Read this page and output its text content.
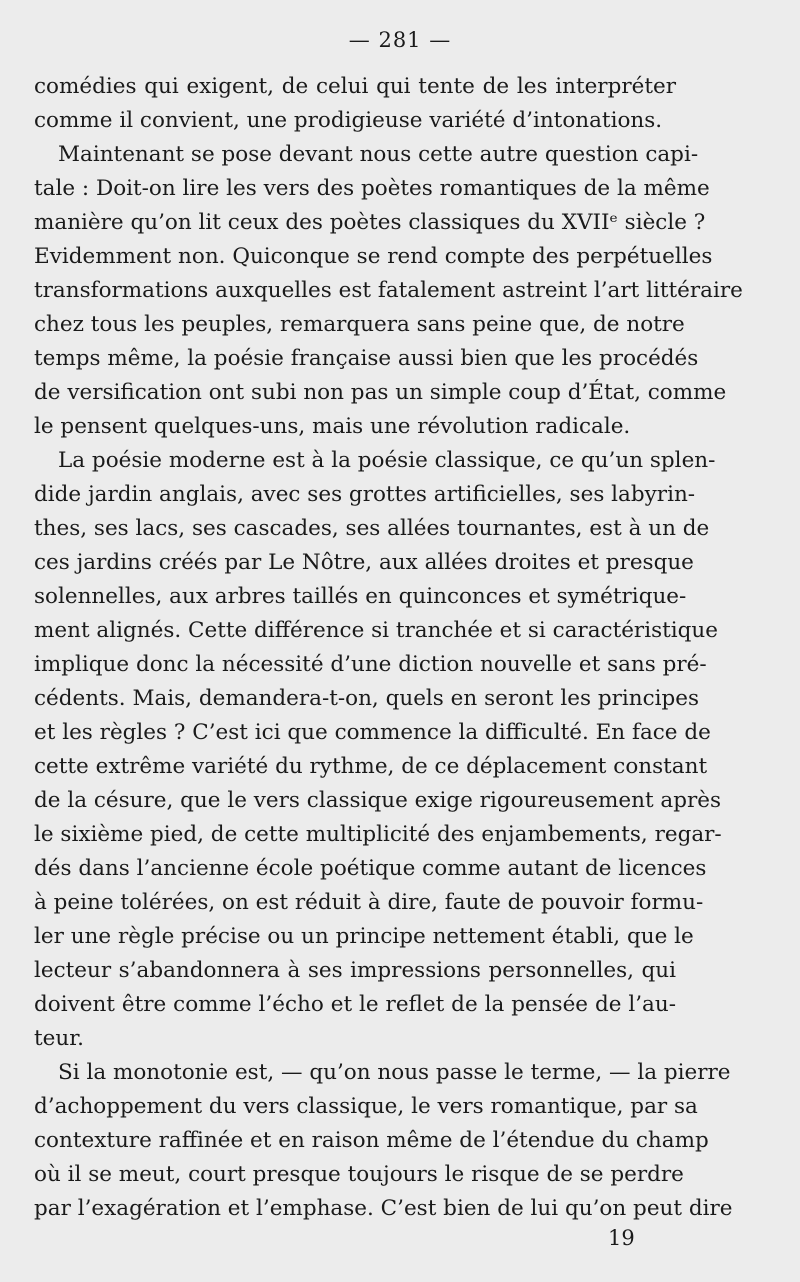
— 281 —
comédies qui exigent, de celui qui tente de les interpréter
comme il convient, une prodigieuse variété d’intonations.
Maintenant se pose devant nous cette autre question capi-
tale : Doit-on lire les vers des poètes romantiques de la même
manière qu’on lit ceux des poètes classiques du XVIIᵉ siècle ?
Evidemment non. Quiconque se rend compte des perpétuelles
transformations auxquelles est fatalement astreint l’art littéraire
chez tous les peuples, remarquera sans peine que, de notre
temps même, la poésie française aussi bien que les procédés
de versification ont subi non pas un simple coup d’État, comme
le pensent quelques-uns, mais une révolution radicale.
La poésie moderne est à la poésie classique, ce qu’un splen-
dide jardin anglais, avec ses grottes artificielles, ses labyrin-
thes, ses lacs, ses cascades, ses allées tournantes, est à un de
ces jardins créés par Le Nôtre, aux allées droites et presque
solennelles, aux arbres taillés en quinconces et symétrique-
ment alignés. Cette différence si tranchée et si caractéristique
implique donc la nécessité d’une diction nouvelle et sans pré-
cédents. Mais, demandera-t-on, quels en seront les principes
et les règles ? C’est ici que commence la difficulté. En face de
cette extrême variété du rythme, de ce déplacement constant
de la césure, que le vers classique exige rigoureusement après
le sixième pied, de cette multiplicité des enjambements, regar-
dés dans l’ancienne école poétique comme autant de licences
à peine tolérées, on est réduit à dire, faute de pouvoir formu-
ler une règle précise ou un principe nettement établi, que le
lecteur s’abandonnera à ses impressions personnelles, qui
doivent être comme l’écho et le reflet de la pensée de l’au-
teur.
Si la monotonie est, — qu’on nous passe le terme, — la pierre
d’achoppement du vers classique, le vers romantique, par sa
contexture raffinée et en raison même de l’étendue du champ
où il se meut, court presque toujours le risque de se perdre
par l’exagération et l’emphase. C’est bien de lui qu’on peut dire
19
